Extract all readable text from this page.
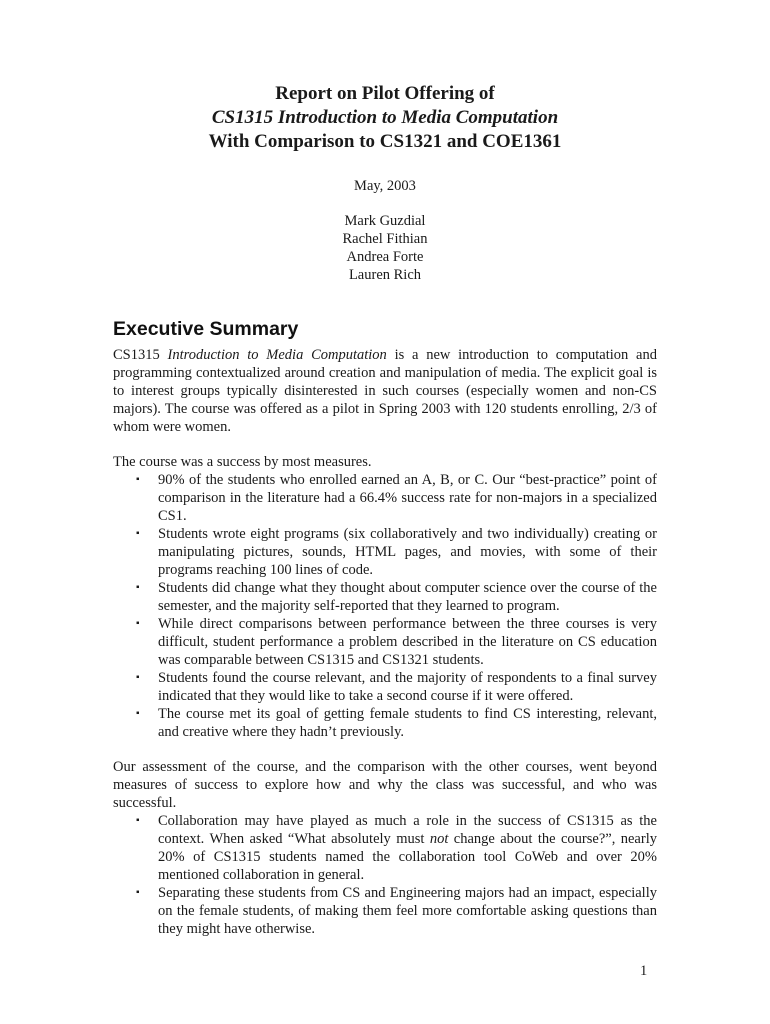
Report on Pilot Offering of

CS1315 Introduction to Media Computation

With Comparison to CS1321 and COE1361

May, 2003
Mark Guzdial
Rachel Fithian
Andrea Forte
Lauren Rich
Executive Summary

CS1315 Introduction to Media Computation is a new introduction to computation and programming contextualized around creation and manipulation of media. The explicit goal is to interest groups typically disinterested in such courses (especially women and non-CS majors). The course was offered as a pilot in Spring 2003 with 120 students enrolling, 2/3 of whom were women.

The course was a success by most measures.

▪ 90% of the students who enrolled earned an A, B, or C. Our “best-practice” point of comparison in the literature had a 66.4% success rate for non-majors in a specialized CS1.
▪ Students wrote eight programs (six collaboratively and two individually) creating or manipulating pictures, sounds, HTML pages, and movies, with some of their programs reaching 100 lines of code.
▪ Students did change what they thought about computer science over the course of the semester, and the majority self-reported that they learned to program.
▪ While direct comparisons between performance between the three courses is very difficult, student performance a problem described in the literature on CS education was comparable between CS1315 and CS1321 students.
▪ Students found the course relevant, and the majority of respondents to a final survey indicated that they would like to take a second course if it were offered.
▪ The course met its goal of getting female students to find CS interesting, relevant, and creative where they hadn’t previously.

Our assessment of the course, and the comparison with the other courses, went beyond measures of success to explore how and why the class was successful, and who was successful.

▪ Collaboration may have played as much a role in the success of CS1315 as the context. When asked “What absolutely must not change about the course?”, nearly 20% of CS1315 students named the collaboration tool CoWeb and over 20% mentioned collaboration in general.
▪ Separating these students from CS and Engineering majors had an impact, especially on the female students, of making them feel more comfortable asking questions than they might have otherwise.
1
